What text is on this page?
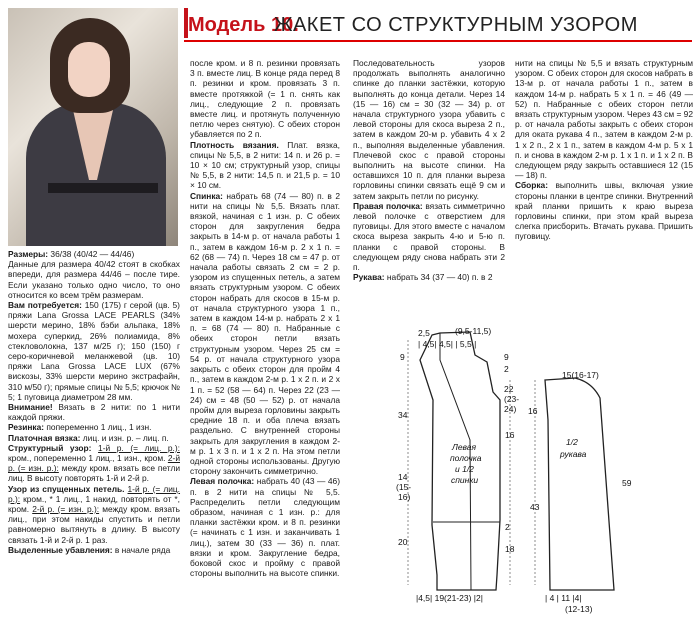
Модель 10.
ЖАКЕТ СО СТРУКТУРНЫМ УЗОРОМ

Размеры: 36/38 (40/42 — 44/46)

Данные для размера 40/42 стоят в скобках впереди, для размера 44/46 – после тире. Если указано только одно число, то оно относится ко всем трём размерам.

Вам потребуется: 150 (175) г серой (цв. 5) пряжи Lana Grossa LACE PEARLS (34% шерсти мерино, 18% бэби альпака, 18% мохера суперкид, 26% полиамида, 8% стекловолокна, 137 м/25 г); 150 (150) г серо-коричневой меланжевой (цв. 10) пряжи Lana Grossa LACE LUX (67% вискозы, 33% шерсти мерино экстрафайн, 310 м/50 г); прямые спицы № 5,5; крючок № 5; 1 пуговица диаметром 28 мм.

Внимание! Вязать в 2 нити: по 1 нити каждой пряжи.

Резинка: попеременно 1 лиц., 1 изн.

Платочная вязка: лиц. и изн. р. – лиц. п.

Структурный узор: 1-й р. (= лиц. р.): кром., попеременно 1 лиц., 1 изн., кром. 2-й р. (= изн. р.): между кром. вязать все петли лиц. В высоту повторять 1-й и 2-й р.

Узор из спущенных петель. 1-й р. (= лиц. р.): кром., * 1 лиц., 1 накид, повторять от *, кром. 2-й р. (= изн. р.): между кром. вязать лиц., при этом накиды спустить и петли равномерно вытянуть в длину. В высоту связать 1-й и 2-й р. 1 раз.

Выделенные убавления: в начале ряда

после кром. и 8 п. резинки провязать 3 п. вместе лиц. В конце ряда перед 8 п. резинки и кром. провязать 3 п. вместе протяжкой (= 1 п. снять как лиц., следующие 2 п. провязать вместе лиц. и протянуть полученную петлю через снятую). С обеих сторон убавляется по 2 п.

Плотность вязания. Плат. вязка, спицы № 5,5, в 2 нити: 14 п. и 26 р. = 10 × 10 см; структурный узор, спицы № 5,5, в 2 нити: 14,5 п. и 21,5 р. = 10 × 10 см.

Спинка: набрать 68 (74 — 80) п. в 2 нити на спицы № 5,5. Вязать плат. вязкой, начиная с 1 изн. р. С обеих сторон для закругления бедра закрыть в 14-м р. от начала работы 1 п., затем в каждом 16-м р. 2 х 1 п. = 62 (68 — 74) п. Через 18 см = 47 р. от начала работы связать 2 см = 2 р. узором из спущенных петель, а затем вязать структурным узором. С обеих сторон набрать для скосов в 15-м р. от начала структурного узора 1 п., затем в каждом 14-м р. набрать 2 х 1 п. = 68 (74 — 80) п. Набранные с обеих сторон петли вязать структурным узором. Через 25 см = 54 р. от начала структурного узора закрыть с обеих сторон для пройм 4 п., затем в каждом 2-м р. 1 х 2 п. и 2 х 1 п. = 52 (58 — 64) п. Через 22 (23 — 24) см = 48 (50 — 52) р. от начала пройм для выреза горловины закрыть средние 18 п. и оба плеча вязать раздельно. С внутренней стороны закрыть для закругления в каждом 2-м р. 1 х 3 п. и 1 х 2 п. На этом петли одной стороны использованы. Другую сторону закончить симметрично.

Левая полочка: набрать 40 (43 — 46) п. в 2 нити на спицы № 5,5. Распределить петли следующим образом, начиная с 1 изн. р.: для планки застёжки кром. и 8 п. резинки (= начинать с 1 изн. и заканчивать 1 лиц.), затем 30 (33 — 36) п. плат. вязки и кром. Закругление бедра, боковой скос и пройму с правой стороны выполнить на высоте спинки.

Последовательность узоров продолжать выполнять аналогично спинке до планки застёжки, которую выполнять до конца детали. Через 14 (15 — 16) см = 30 (32 — 34) р. от начала структурного узора убавить с левой стороны для скоса выреза 2 п., затем в каждом 20-м р. убавить 4 х 2 п., выполняя выделенные убавления. Плечевой скос с правой стороны выполнить на высоте спинки. На оставшихся 10 п. для планки выреза горловины спинки связать ещё 9 см и затем закрыть петли по рисунку.

Правая полочка: вязать симметрично левой полочке с отверстием для пуговицы. Для этого вместе с началом скоса выреза закрыть 4-ю и 5-ю п. планки с правой стороны. В следующем ряду снова набрать эти 2 п.

Рукава: набрать 34 (37 — 40) п. в 2

нити на спицы № 5,5 и вязать структурным узором. С обеих сторон для скосов набрать в 13-м р. от начала работы 1 п., затем в каждом 14-м р. набрать 5 х 1 п. = 46 (49 — 52) п. Набранные с обеих сторон петли вязать структурным узором. Через 43 см = 92 р. от начала работы закрыть с обеих сторон для оката рукава 4 п., затем в каждом 2-м р. 1 х 2 п., 2 х 1 п., затем в каждом 4-м р. 5 х 1 п. и снова в каждом 2-м р. 1 х 1 п. и 1 х 2 п. В следующем ряду закрыть оставшиеся 12 (15 — 18) п.

Сборка: выполнить швы, включая узкие стороны планки в центре спинки. Внутренний край планки пришить к краю выреза горловины спинки, при этом край выреза слегка присборить. Втачать рукава. Пришить пуговицу.

Левая
полочка
и 1/2
спинки
1/2
рукава
2,5	(9,5-11,5)
| 4,5| 4,5| | 5,5 |
9	9
2
22
(23-
24)
34
16
14
(15-
16)
20
2
18
|4,5| 19(21-23) |2|
15(16-17)
16
59
43
| 4 | 11 |4|
(12-13)
